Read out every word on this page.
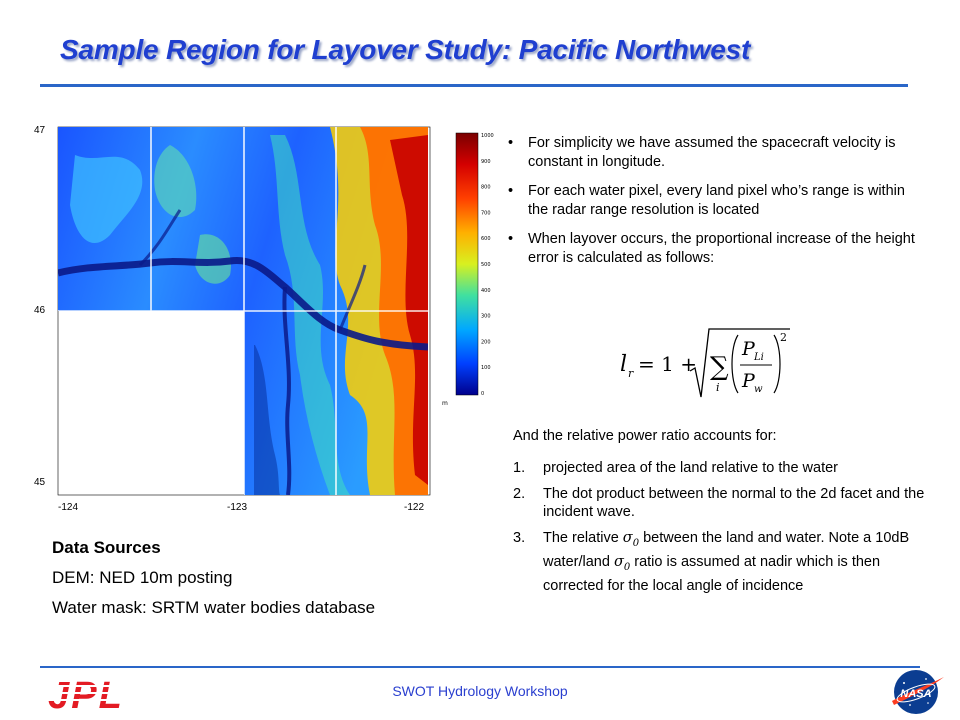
Sample Region for Layover Study: Pacific Northwest
1000
900
800
700
600
500
400
300
200
100
0
m
47
46
45
-124	-123	-122
• For simplicity we have assumed the spacecraft velocity is constant in longitude.
• For each water pixel, every land pixel who’s range is within the radar range resolution is located
• When layover occurs, the proportional increase of the height error is calculated as follows:
l r = 1 + ∑
i
P Li
P w
2
And the relative power ratio accounts for:
1. projected area of the land relative to the water
2. The dot product between the normal to the 2d facet and the incident wave.
3. The relative $\sigma_0$ between the land and water. Note a 10dB water/land $\sigma_0$ ratio is assumed at nadir which is then corrected for the local angle of incidence
Data Sources
DEM: NED 10m posting
Water mask: SRTM water bodies database
JPL	SWOT Hydrology Workshop	NASA
